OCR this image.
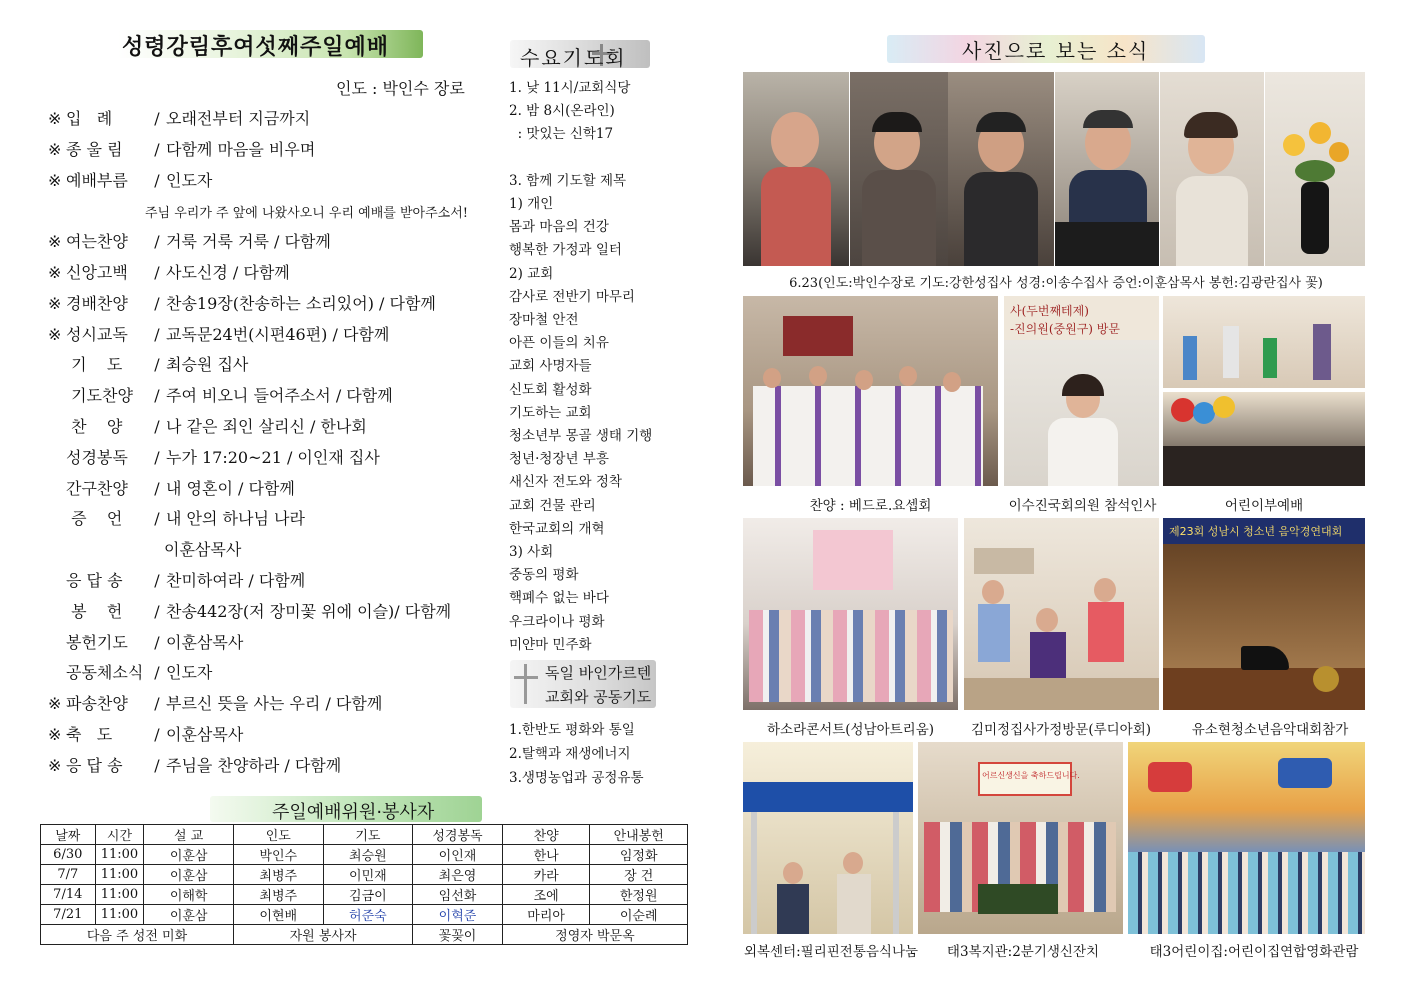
성령강림후여섯째주일예배
인도 : 박인수 장로
※ 입   례	/ 오래전부터 지금까지
※ 종 울 림 / 다함께 마음을 비우며
※ 예배부름 / 인도자
주님 우리가 주 앞에 나왔사오니 우리 예배를 받아주소서!
※ 여는찬양 / 거룩 거룩 거룩 / 다함께
※ 신앙고백 / 사도신경 / 다함께
※ 경배찬양 / 찬송19장(찬송하는 소리있어) / 다함께
※ 성시교독 / 교독문24번(시편46편) / 다함께
기    도 / 최승원 집사
기도찬양 / 주여 비오니 들어주소서 / 다함께
찬    양 / 나 같은 죄인 살리신 / 한나회
성경봉독 / 누가 17:20~21 / 이인재 집사
간구찬양 / 내 영혼이 / 다함께
증    언 / 내 안의 하나님 나라
이훈삼목사
응 답 송 / 찬미하여라 / 다함께
봉    헌 / 찬송442장(저 장미꽃 위에 이슬)/ 다함께
봉헌기도 / 이훈삼목사
공동체소식 / 인도자
※ 파송찬양 / 부르신 뜻을 사는 우리 / 다함께
※ 축   도	/ 이훈삼목사
※ 응 답 송 / 주님을 찬양하라 / 다함께
주일예배위원·봉사자
날짜	시간	설 교	인도	기도	성경봉독	찬양	안내봉헌
6/30	11:00	이훈삼	박인수	최승원	이인재	한나	임정화
7/7	11:00	이훈삼	최병주	이민재	최은영	카라	장 건
7/14	11:00	이해학	최병주	김금이	임선화	조에	한정원
7/21	11:00	이훈삼	이현배	허준숙	이혁준	마리아	이순례
다음 주 성전 미화			자원 봉사자		꽃꽂이	정영자 박문옥	
수요기도회
1. 낮 11시/교회식당
2. 밤 8시(온라인)
: 맛있는 신학17
3. 함께 기도할 제목
1) 개인
몸과 마음의 건강
행복한 가정과 일터
2) 교회
감사로 전반기 마무리
장마철 안전
아픈 이들의 치유
교회 사명자들
신도회 활성화
기도하는 교회
청소년부 몽골 생태 기행
청년·청장년 부흥
새신자 전도와 정착
교회 건물 관리
한국교회의 개혁
3) 사회
중동의 평화
핵폐수 없는 바다
우크라이나 평화
미얀마 민주화
독일 바인가르텐
교회와 공동기도
1.한반도 평화와 통일
2.탈핵과 재생에너지
3.생명농업과 공정유통
사진으로 보는 소식
6.23(인도:박인수장로 기도:강한성집사 성경:이송수집사 증언:이훈삼목사 봉헌:김광란집사 꽃)
사(두번째테제)
-진의원(중원구) 방문
찬양 : 베드로.요셉회	이수진국회의원 참석인사	어린이부예배
제23회 성남시 청소년 음악경연대회
하소라콘서트(성남아트리움)	김미정집사가정방문(루디아회)	유소현청소년음악대회참가
어르신생신을 축하드립니다.
외복센터:필리핀전통음식나눔	태3복지관:2분기생신잔치	태3어린이집:어린이집연합영화관람
